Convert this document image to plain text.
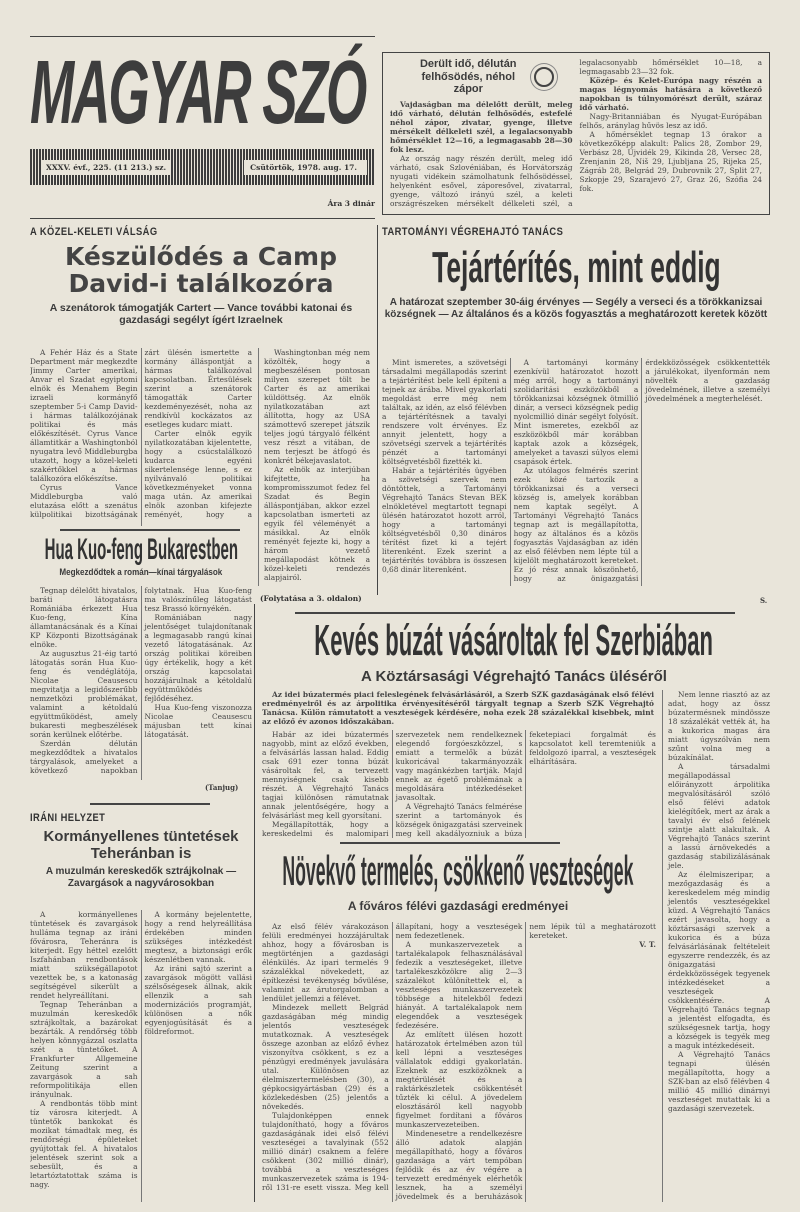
MAGYAR SZÓ
XXXV. évf., 225. (11 213.) sz.	Csütörtök, 1978. aug. 17.
Ára 3 dinár
Derült idő, délután felhősödés, néhol zápor

Vajdaságban ma délelőtt derült, meleg idő várható, délután felhősödés, estefelé néhol zápor, zivatar, gyenge, illetve mérsékelt délkeleti szél, a legalacsonyabb hőmérséklet 12—16, a legmagasabb 28—30 fok lesz.

Az ország nagy részén derült, meleg idő várható, csak Szlovéniában, és Horvátország nyugati vidékein számolhatunk felhősödéssel, helyenként esővel, záporesővel, zivatarral, gyenge, változó irányú szél, a keleti országrészeken mérsékelt délkeleti szél, a legalacsonyabb hőmérséklet 10—18, a legmagasabb 23—32 fok.

Közép- és Kelet-Európa nagy részén a magas légnyomás hatására a következő napokban is túlnyomórészt derült, száraz idő várható.

Nagy-Britanniában és Nyugat-Európában felhős, aránylag hűvös lesz az idő.

A hőmérséklet tegnap 13 órakor a következőképp alakult: Palics 28, Zombor 29, Verbász 28, Újvidék 29, Kikinda 28, Versec 28, Zrenjanin 28, Niš 29, Ljubljana 25, Rijeka 25, Zágráb 28, Belgrád 29, Dubrovnik 27, Split 27, Szkopje 29, Szarajevó 27, Graz 26, Szófia 24 fok.

A KÖZEL-KELETI VÁLSÁG
Készülődés a Camp
David-i találkozóra
A szenátorok támogatják Cartert — Vance további katonai és gazdasági segélyt ígért Izraelnek

A Fehér Ház és a State Department már megkezdte Jimmy Carter amerikai, Anvar el Szadat egyiptomi elnök és Menahem Begin izraeli kormányfő szeptember 5-i Camp David-i hármas találkozójának politikai és más előkészítését. Cyrus Vance államtitkár a Washingtonból nyugatra levő Middleburgba utazott, hogy a közel-keleti szakértőkkel a hármas találkozóra előkészítse.

Cyrus Vance Middleburgba való elutazása előtt a szenátus külpolitikai bizottságának zárt ülésén ismertette a kormány álláspontját a hármas találkozóval kapcsolatban. Értesülések szerint a szenátorok támogatták Carter kezdeményezését, noha az rendkívül kockázatos az esetleges kudarc miatt.

Carter elnök egyik nyilatkozatában kijelentette, hogy a csúcstalálkozó kudarca egyéni sikertelensége lenne, s ez nyilvánvaló politikai következményeket vonna maga után. Az amerikai elnök azonban kifejezte reményét, hogy a

Washingtonban még nem közölték, hogy a megbeszélésen pontosan milyen szerepet tölt be Carter és az amerikai küldöttség. Az elnök nyilatkozatában azt állította, hogy az USA számottevő szerepet játszik teljes jogú tárgyaló félként vesz részt a vitában, de nem terjeszt be átfogó és konkrét békejavaslatot.

Az elnök az interjúban kifejtette, ha kompromisszumot fedez fel Szadat és Begin álláspontjában, akkor ezzel kapcsolatban ismerteti az egyik fél véleményét a másikkal. Az elnök reményét fejezte ki, hogy a három vezető megállapodást kötnek a közel-keleti rendezés alapjairól.

(Folytatása a 3. oldalon)
TARTOMÁNYI VÉGREHAJTÓ TANÁCS
Tejártérítés, mint eddig
A határozat szeptember 30-áig érvényes — Segély a verseci és a törökkanizsai községnek — Az általános és a közös fogyasztás a meghatározott keretek között

Mint ismeretes, a szövetségi társadalmi megállapodás szerint a tejártérítést bele kell építeni a tejnek az árába. Mivel gyakorlati megoldást erre még nem találtak, az idén, az első félévben a tejártérítésnek a tavalyi rendszere volt érvényes. Ez annyit jelentett, hogy a szövetségi szervek a tejártérítés pénzét a tartományi költségvetésből fizették ki.

Habár a tejártérítés ügyében a szövetségi szervek nem döntöttek, a Tartományi Végrehajtó Tanács Stevan BEK elnökletével megtartott tegnapi ülésén határozatot hozott arról, hogy a tartományi költségvetésből 0,30 dináros térítést fizet ki a tejért literenként. Ezek szerint a tejártérítés továbbra is összesen 0,68 dinár literenként.

A tartományi kormány ezenkívül határozatot hozott még arról, hogy a tartományi szolidaritási eszközökből a törökkanizsai községnek ötmillió dinár, a verseci községnek pedig nyolcmillió dinár segélyt folyósít. Mint ismeretes, ezekből az eszközökből már korábban kaptak azok a községek, amelyeket a tavaszi súlyos elemi csapások értek.

Az utólagos felmérés szerint ezek közé tartozik a törökkanizsai és a verseci község is, amelyek korábban nem kaptak segélyt. A Tartományi Végrehajtó Tanács tegnap azt is megállapította, hogy az általános és a közös fogyasztás Vajdaságban az idén az első félévben nem lépte túl a kijelölt meghatározott kereteket. Ez jó rész annak köszönhető, hogy az önigazgatási érdekközösségek csökkentették a járulékokat, ilyenformán nem növelték a gazdaság jövedelmének, illetve a személyi jövedelmének a megterhelését.

S.
Hua Kuo-feng Bukarestben
Megkezdődtek a román—kínai tárgyalások

Tegnap délelőtt hivatalos, baráti látogatásra Romániába érkezett Hua Kuo-feng, Kína államtanácsának és a Kínai KP Központi Bizottságának elnöke.

Az augusztus 21-éig tartó látogatás során Hua Kuo-feng és vendéglátója, Nicolae Ceausescu megvitatja a legidőszerűbb nemzetközi problémákat, valamint a kétoldalú együttműködést, amely bukaresti megbeszélések során kerülnek előtérbe.

Szerdán délután megkezdődtek a hivatalos tárgyalások, amelyeket a következő napokban folytatnak. Hua Kuo-feng ma valószínűleg látogatást tesz Brassó környékén.

Romániában nagy jelentőséget tulajdonítanak a legmagasabb rangú kínai vezető látogatásának. Az ország politikai köreiben úgy értékelik, hogy a két ország kapcsolatai hozzájárulnak a kétoldalú együttműködés fejlődéséhez.

Hua Kuo-feng viszonozza Nicolae Ceausescu májusban tett kínai látogatását.

(Tanjug)
IRÁNI HELYZET
Kormányellenes tüntetések
Teheránban is
A muzulmán kereskedők sztrájkolnak — Zavargások a nagyvárosokban

A kormányellenes tüntetések és zavargások hulláma tegnap az iráni fővárosra, Teheránra is kiterjedt. Egy héttel ezelőtt Iszfahánban rendbontások miatt szükségállapotot vezettek be, s a katonaság segítségével sikerült a rendet helyreállítani.

Tegnap Teheránban a muzulmán kereskedők sztrájkoltak, a bazárokat bezárták. A rendőrség több helyen könnygázzal oszlatta szét a tüntetőket. A Frankfurter Allgemeine Zeitung szerint a zavargások a sah reformpolitikája ellen irányulnak.

A rendbontás több mint tíz városra kiterjedt. A tüntetők bankokat és mozikat támadtak meg, és rendőrségi épületeket gyújtottak fel. A hivatalos jelentések szerint sok a sebesült, és a letartóztatottak száma is nagy.

A kormány bejelentette, hogy a rend helyreállítása érdekében minden szükséges intézkedést megtesz, a biztonsági erők készenlétben vannak.

Az iráni sajtó szerint a zavargások mögött vallási szélsőségesek állnak, akik ellenzik a sah modernizációs programját, különösen a nők egyenjogúsítását és a földreformot.

Kevés búzát vásároltak fel Szerbiában
A Köztársasági Végrehajtó Tanács üléséről
Az idei búzatermés piaci feleslegének felvásárlásáról, a Szerb SZK gazdaságának első félévi eredményeiről és az árpolitika érvényesítéséről tárgyalt tegnap a Szerb SZK Végrehajtó Tanácsa. Külön rámutatott a veszteségek kérdésére, noha ezek 28 százalékkal kisebbek, mint az előző év azonos időszakában.

Habár az idei búzatermés nagyobb, mint az előző években, a felvásárlás lassan halad. Eddig csak 691 ezer tonna búzát vásároltak fel, a tervezett mennyiségnek csak kisebb részét. A Végrehajtó Tanács tagjai különösen rámutatnak annak jelentőségére, hogy a felvásárlást meg kell gyorsítani.

Megállapították, hogy a kereskedelmi és malomipari szervezetek nem rendelkeznek elegendő forgóeszközzel, s emiatt a termelők a búzát kukoricával takarmányozzák vagy magánkézben tartják. Majd ennek az égető problémának a megoldására intézkedéseket javasoltak.

A Végrehajtó Tanács felmérése szerint a tartományok és községek önigazgatási szerveinek meg kell akadályozniuk a búza feketepiaci forgalmát és kapcsolatot kell teremteniük a feldolgozó iparral, a veszteségek elhárítására.

Nem lenne riasztó az az adat, hogy az össz búzatermésnek mindössze 18 százalékát vették át, ha a kukorica magas ára miatt úgyszólván nem szűnt volna meg a búzakínálat.

A társadalmi megállapodással előirányzott árpolitika megvalósításáról szóló első félévi adatok kielégítőek, mert az árak a tavalyi év első felének szintje alatt alakultak. A Végrehajtó Tanács szerint a lassú árnövekedés a gazdaság stabilizálásának jele.

Az élelmiszeripar, a mezőgazdaság és a kereskedelem még mindig jelentős veszteségekkel küzd. A Végrehajtó Tanács ezért javasolta, hogy a köztársasági szervek a kukorica és a búza felvásárlásának feltételeit egyszerre rendezzék, és az önigazgatási érdekközösségek tegyenek intézkedéseket a veszteségek csökkentésére. A Végrehajtó Tanács tegnap a jelentést elfogadta, és szükségesnek tartja, hogy a községek is tegyék meg a maguk intézkedéseit.

A Végrehajtó Tanács tegnapi ülésén megállapította, hogy a SZK-ban az első félévben 4 millió 45 millió dinárnyi veszteséget mutattak ki a gazdasági szervezetek.

Növekvő termelés, csökkenő veszteségek
A főváros félévi gazdasági eredményei

Az első félév várakozáson felüli eredményei hozzájárultak ahhoz, hogy a fővárosban is megtörténjen a gazdasági élénkülés. Az ipari termelés 9 százalékkal növekedett, az építkezési tevékenység bővülése, valamint az árutorgalomban a lendület jellemzi a félévet.

Mindezek mellett Belgrád gazdaságában még mindig jelentős veszteségek mutatkoznak. A veszteségek összege azonban az előző évhez viszonyítva csökkent, s ez a pénzügyi eredmények javulására utal. Különösen az élelmiszertermelésben (30), a gépkocsigyártásban (29) és a közlekedésben (25) jelentős a növekedés.

Tulajdonképpen ennek tulajdonítható, hogy a főváros gazdaságának idei első félévi veszteségei a tavalyinak (552 millió dinár) csaknem a felére csökkent (302 millió dinár), továbbá a veszteséges munkaszervezetek száma is 194-ről 131-re esett vissza. Meg kell állapítani, hogy a veszteségek nem fedezetlenek.

A munkaszervezetek a tartalékalapok felhasználásával fedezik a veszteségeket, illetve tartalékeszközökre alig 2—3 százalékot különítettek el, a veszteséges munkaszervezetek többsége a hitelekből fedezi hiányát. A tartalékalapok nem elegendőek a veszteségek fedezésére.

Az említett ülésen hozott határozatok értelmében azon túl kell lépni a veszteséges vállalatok eddigi gyakorlatán. Ezeknek az eszközöknek a megtérülését és a raktárkészletek csökkentését tűzték ki célul. A jövedelem elosztásáról kell nagyobb figyelmet fordítani a főváros munkaszervezeteiben.

Mindenesetre a rendelkezésre álló adatok alapján megállapítható, hogy a főváros gazdasága a várt tempóban fejlődik és az év végére a tervezett eredmények elérhetők lesznek, ha a személyi jövedelmek és a beruházások nem lépik túl a meghatározott kereteket.

V. T.
